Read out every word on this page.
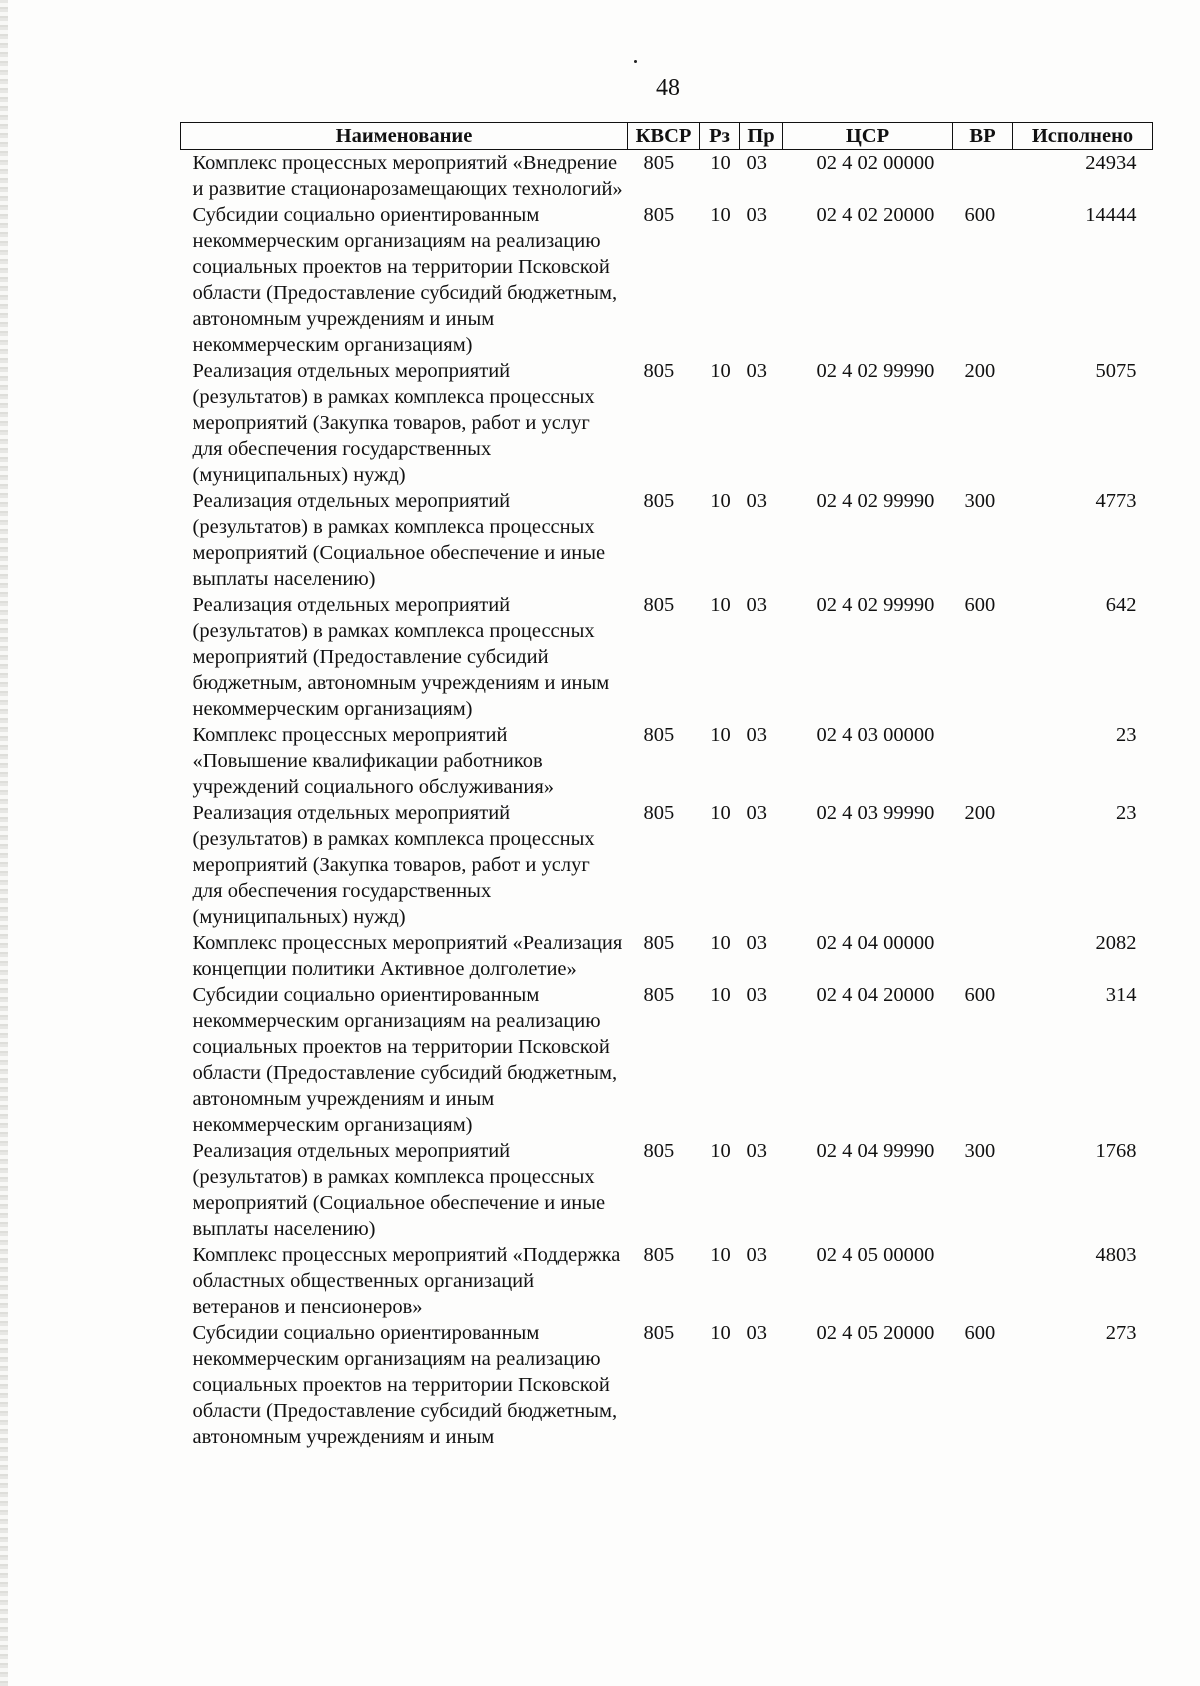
48
Наименование	КВСР	Рз	Пр	ЦСР	ВР	Исполнено
Комплекс процессных мероприятий «Внедрение и развитие стационарозамещающих технологий»	805	10	03	02 4 02 00000		24934
Субсидии социально ориентированным некоммерческим организациям на реализацию социальных проектов на территории Псковской области (Предоставление субсидий бюджетным, автономным учреждениям и иным некоммерческим организациям)	805	10	03	02 4 02 20000	600	14444
Реализация отдельных мероприятий (результатов) в рамках комплекса процессных мероприятий (Закупка товаров, работ и услуг для обеспечения государственных (муниципальных) нужд)	805	10	03	02 4 02 99990	200	5075
Реализация отдельных мероприятий (результатов) в рамках комплекса процессных мероприятий (Социальное обеспечение и иные выплаты населению)	805	10	03	02 4 02 99990	300	4773
Реализация отдельных мероприятий (результатов) в рамках комплекса процессных мероприятий (Предоставление субсидий бюджетным, автономным учреждениям и иным некоммерческим организациям)	805	10	03	02 4 02 99990	600	642
Комплекс процессных мероприятий «Повышение квалификации работников учреждений социального обслуживания»	805	10	03	02 4 03 00000		23
Реализация отдельных мероприятий (результатов) в рамках комплекса процессных мероприятий (Закупка товаров, работ и услуг для обеспечения государственных (муниципальных) нужд)	805	10	03	02 4 03 99990	200	23
Комплекс процессных мероприятий «Реализация концепции политики Активное долголетие»	805	10	03	02 4 04 00000		2082
Субсидии социально ориентированным некоммерческим организациям на реализацию социальных проектов на территории Псковской области (Предоставление субсидий бюджетным, автономным учреждениям и иным некоммерческим организациям)	805	10	03	02 4 04 20000	600	314
Реализация отдельных мероприятий (результатов) в рамках комплекса процессных мероприятий (Социальное обеспечение и иные выплаты населению)	805	10	03	02 4 04 99990	300	1768
Комплекс процессных мероприятий «Поддержка областных общественных организаций ветеранов и пенсионеров»	805	10	03	02 4 05 00000		4803
Субсидии социально ориентированным некоммерческим организациям на реализацию социальных проектов на территории Псковской области (Предоставление субсидий бюджетным, автономным учреждениям и иным	805	10	03	02 4 05 20000	600	273
